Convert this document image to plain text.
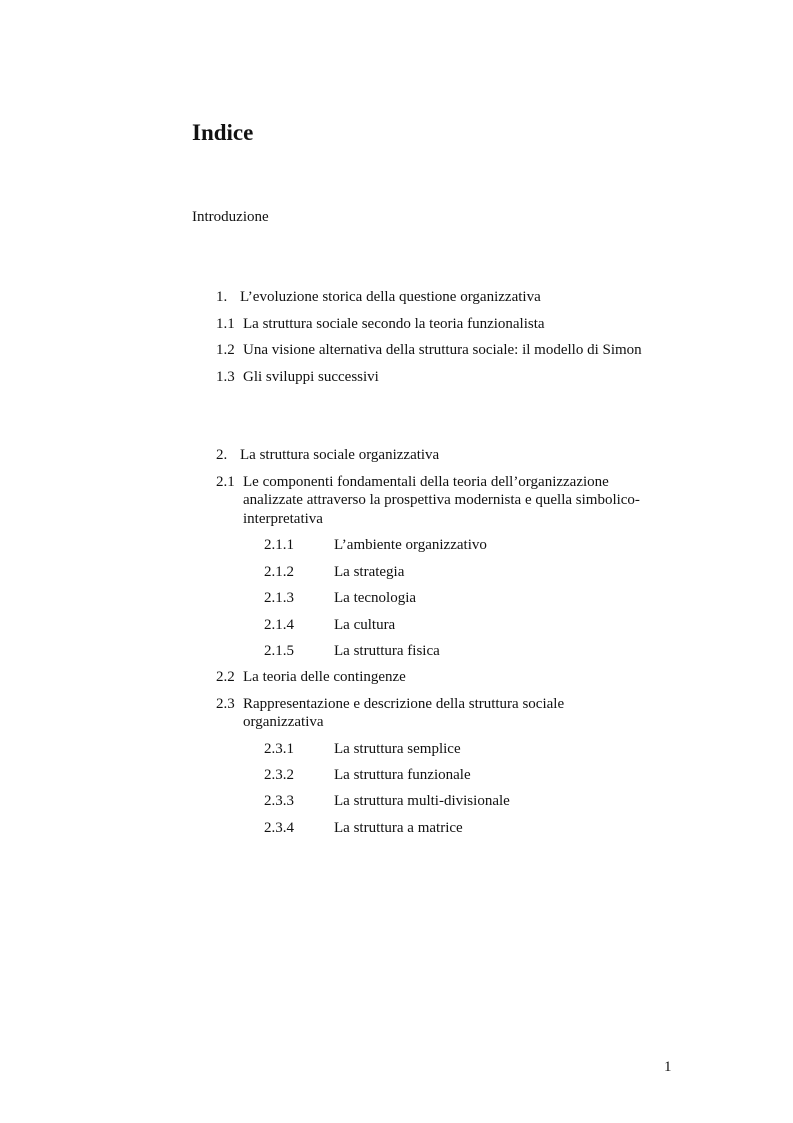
Indice
Introduzione
1. L’evoluzione storica della questione organizzativa
1.1 La struttura sociale secondo la teoria funzionalista
1.2 Una visione alternativa della struttura sociale: il modello di Simon
1.3 Gli sviluppi successivi
2. La struttura sociale organizzativa
2.1 Le componenti fondamentali della teoria dell’organizzazione
analizzate attraverso la prospettiva modernista e quella simbolico-
interpretativa
2.1.1	L’ambiente organizzativo
2.1.2	La strategia
2.1.3	La tecnologia
2.1.4	La cultura
2.1.5	La struttura fisica
2.2 La teoria delle contingenze
2.3 Rappresentazione e descrizione della struttura sociale
organizzativa
2.3.1	La struttura semplice
2.3.2	La struttura funzionale
2.3.3	La struttura multi-divisionale
2.3.4	La struttura a matrice
1
